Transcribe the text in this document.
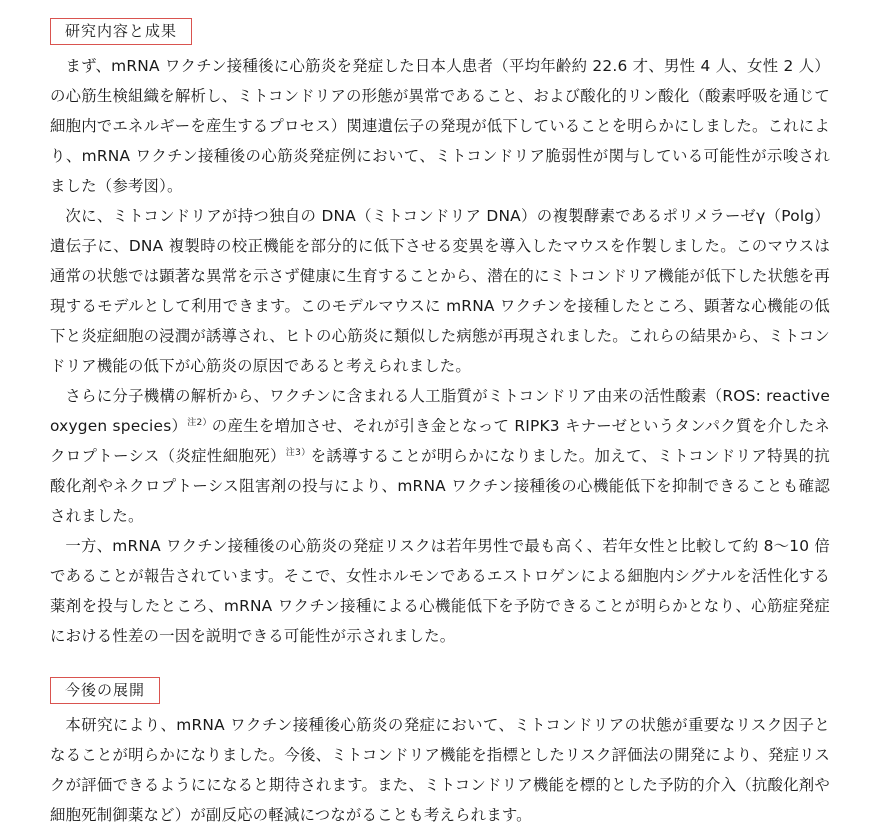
研究内容と成果

まず、mRNA ワクチン接種後に心筋炎を発症した日本人患者（平均年齢約 22.6 才、男性 4 人、女性 2 人）の心筋生検組織を解析し、ミトコンドリアの形態が異常であること、および酸化的リン酸化（酸素呼吸を通じて細胞内でエネルギーを産生するプロセス）関連遺伝子の発現が低下していることを明らかにしました。これにより、mRNA ワクチン接種後の心筋炎発症例において、ミトコンドリア脆弱性が関与している可能性が示唆されました（参考図）。

次に、ミトコンドリアが持つ独自の DNA（ミトコンドリア DNA）の複製酵素であるポリメラーゼγ（Polg）遺伝子に、DNA 複製時の校正機能を部分的に低下させる変異を導入したマウスを作製しました。このマウスは通常の状態では顕著な異常を示さず健康に生育することから、潜在的にミトコンドリア機能が低下した状態を再現するモデルとして利用できます。このモデルマウスに mRNA ワクチンを接種したところ、顕著な心機能の低下と炎症細胞の浸潤が誘導され、ヒトの心筋炎に類似した病態が再現されました。これらの結果から、ミトコンドリア機能の低下が心筋炎の原因であると考えられました。

さらに分子機構の解析から、ワクチンに含まれる人工脂質がミトコンドリア由来の活性酸素（ROS: reactive oxygen species）$^{注2)}$の産生を増加させ、それが引き金となって RIPK3 キナーゼというタンパク質を介したネクロプトーシス（炎症性細胞死）$^{注3)}$を誘導することが明らかになりました。加えて、ミトコンドリア特異的抗酸化剤やネクロプトーシス阻害剤の投与により、mRNA ワクチン接種後の心機能低下を抑制できることも確認されました。

一方、mRNA ワクチン接種後の心筋炎の発症リスクは若年男性で最も高く、若年女性と比較して約 8～10 倍であることが報告されています。そこで、女性ホルモンであるエストロゲンによる細胞内シグナルを活性化する薬剤を投与したところ、mRNA ワクチン接種による心機能低下を予防できることが明らかとなり、心筋症発症における性差の一因を説明できる可能性が示されました。

今後の展開

本研究により、mRNA ワクチン接種後心筋炎の発症において、ミトコンドリアの状態が重要なリスク因子となることが明らかになりました。今後、ミトコンドリア機能を指標としたリスク評価法の開発により、発症リスクが評価できるようにになると期待されます。また、ミトコンドリア機能を標的とした予防的介入（抗酸化剤や細胞死制御薬など）が副反応の軽減につながることも考えられます。
